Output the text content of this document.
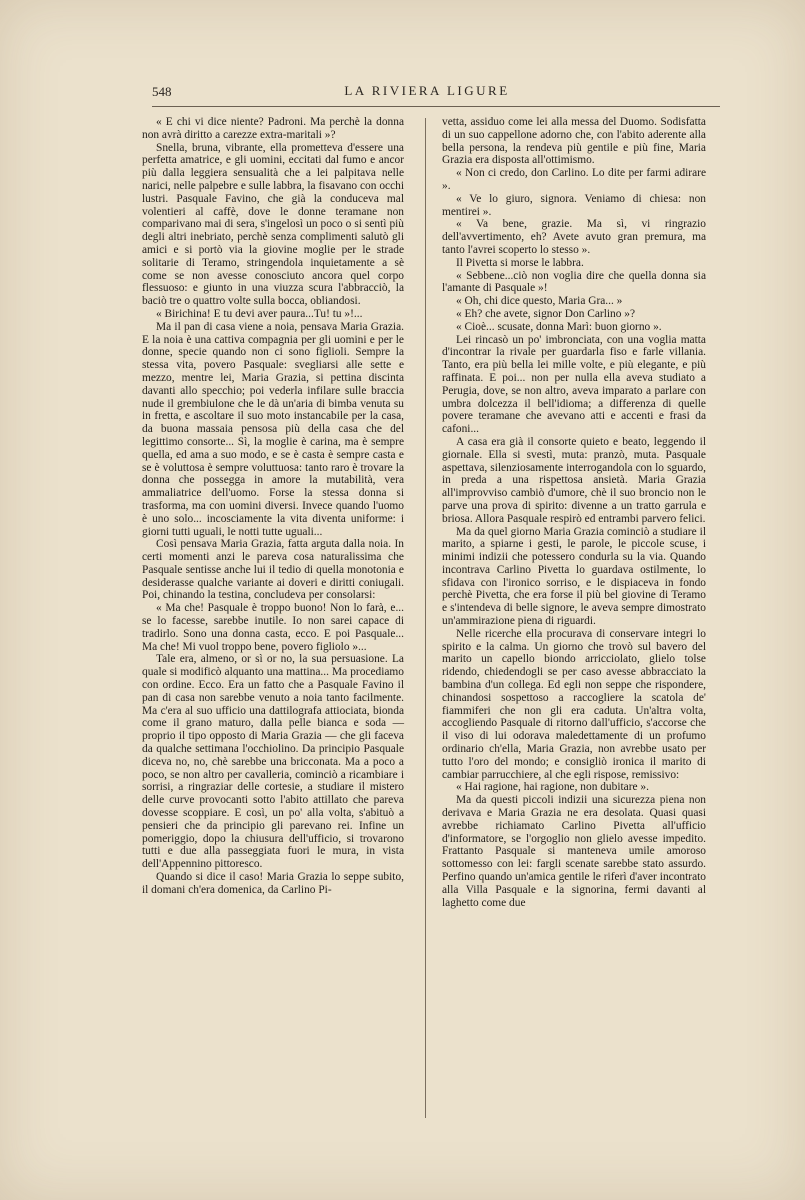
548	LA RIVIERA LIGURE

« E chi vi dice niente? Padroni. Ma perchè la donna non avrà diritto a carezze extra-maritali »?

Snella, bruna, vibrante, ella prometteva d'essere una perfetta amatrice, e gli uomini, eccitati dal fumo e ancor più dalla leggiera sensualità che a lei palpitava nelle narici, nelle palpebre e sulle labbra, la fisavano con occhi lustri. Pasquale Favino, che già la conduceva mal volentieri al caffè, dove le donne teramane non comparivano mai di sera, s'ingelosì un poco o si sentì più degli altri inebriato, perchè senza complimenti salutò gli amici e si portò via la giovine moglie per le strade solitarie di Teramo, stringendola inquietamente a sè come se non avesse conosciuto ancora quel corpo flessuoso: e giunto in una viuzza scura l'abbracciò, la baciò tre o quattro volte sulla bocca, obliandosi.

« Birichina! E tu devi aver paura...Tu! tu »!...

Ma il pan di casa viene a noia, pensava Maria Grazia. E la noia è una cattiva compagnia per gli uomini e per le donne, specie quando non ci sono figlioli. Sempre la stessa vita, povero Pasquale: svegliarsi alle sette e mezzo, mentre lei, Maria Grazia, si pettina discinta davanti allo specchio; poi vederla infilare sulle braccia nude il grembiulone che le dà un'aria di bimba venuta su in fretta, e ascoltare il suo moto instancabile per la casa, da buona massaia pensosa più della casa che del legittimo consorte... Sì, la moglie è carina, ma è sempre quella, ed ama a suo modo, e se è casta è sempre casta e se è voluttosa è sempre voluttuosa: tanto raro è trovare la donna che possegga in amore la mutabilità, vera ammaliatrice dell'uomo. Forse la stessa donna si trasforma, ma con uomini diversi. Invece quando l'uomo è uno solo... incosciamente la vita diventa uniforme: i giorni tutti uguali, le notti tutte uguali...

Così pensava Maria Grazia, fatta arguta dalla noia. In certi momenti anzi le pareva cosa naturalissima che Pasquale sentisse anche lui il tedio di quella monotonia e desiderasse qualche variante ai doveri e diritti coniugali. Poi, chinando la testina, concludeva per consolarsi:

« Ma che! Pasquale è troppo buono! Non lo farà, e... se lo facesse, sarebbe inutile. Io non sarei capace di tradirlo. Sono una donna casta, ecco. E poi Pasquale... Ma che! Mi vuol troppo bene, povero figliolo »...

Tale era, almeno, or sì or no, la sua persuasione. La quale si modificò alquanto una mattina... Ma procediamo con ordine. Ecco. Era un fatto che a Pasquale Favino il pan di casa non sarebbe venuto a noia tanto facilmente. Ma c'era al suo ufficio una dattilografa attiociata, bionda come il grano maturo, dalla pelle bianca e soda — proprio il tipo opposto di Maria Grazia — che gli faceva da qualche settimana l'occhiolino. Da principio Pasquale diceva no, no, chè sarebbe una bricconata. Ma a poco a poco, se non altro per cavalleria, cominciò a ricambiare i sorrisi, a ringraziar delle cortesie, a studiare il mistero delle curve provocanti sotto l'abito attillato che pareva dovesse scoppiare. E così, un po' alla volta, s'abituò a pensieri che da principio gli parevano rei. Infine un pomeriggio, dopo la chiusura dell'ufficio, si trovarono tutti e due alla passeggiata fuori le mura, in vista dell'Appennino pittoresco.

Quando si dice il caso! Maria Grazia lo seppe subito, il domani ch'era domenica, da Carlino Pi-

vetta, assiduo come lei alla messa del Duomo. Sodisfatta di un suo cappellone adorno che, con l'abito aderente alla bella persona, la rendeva più gentile e più fine, Maria Grazia era disposta all'ottimismo.

« Non ci credo, don Carlino. Lo dite per farmi adirare ».

« Ve lo giuro, signora. Veniamo di chiesa: non mentirei ».

« Va bene, grazie. Ma sì, vi ringrazio dell'avvertimento, eh? Avete avuto gran premura, ma tanto l'avrei scoperto lo stesso ».

Il Pivetta si morse le labbra.

« Sebbene...ciò non voglia dire che quella donna sia l'amante di Pasquale »!

« Oh, chi dice questo, Maria Gra... »

« Eh? che avete, signor Don Carlino »?

« Cioè... scusate, donna Marì: buon giorno ».

Lei rincasò un po' imbronciata, con una voglia matta d'incontrar la rivale per guardarla fiso e farle villania. Tanto, era più bella lei mille volte, e più elegante, e più raffinata. E poi... non per nulla ella aveva studiato a Perugia, dove, se non altro, aveva imparato a parlare con umbra dolcezza il bell'idioma; a differenza di quelle povere teramane che avevano atti e accenti e frasi da cafoni...

A casa era già il consorte quieto e beato, leggendo il giornale. Ella si svestì, muta: pranzò, muta. Pasquale aspettava, silenziosamente interrogandola con lo sguardo, in preda a una rispettosa ansietà. Maria Grazia all'improvviso cambiò d'umore, chè il suo broncio non le parve una prova di spirito: divenne a un tratto garrula e briosa. Allora Pasquale respirò ed entrambi parvero felici.

Ma da quel giorno Maria Grazia cominciò a studiare il marito, a spiarne i gesti, le parole, le piccole scuse, i minimi indizii che potessero condurla su la via. Quando incontrava Carlino Pivetta lo guardava ostilmente, lo sfidava con l'ironico sorriso, e le dispiaceva in fondo perchè Pivetta, che era forse il più bel giovine di Teramo e s'intendeva di belle signore, le aveva sempre dimostrato un'ammirazione piena di riguardi.

Nelle ricerche ella procurava di conservare integri lo spirito e la calma. Un giorno che trovò sul bavero del marito un capello biondo arricciolato, glielo tolse ridendo, chiedendogli se per caso avesse abbracciato la bambina d'un collega. Ed egli non seppe che rispondere, chinandosi sospettoso a raccogliere la scatola de' fiammiferi che non gli era caduta. Un'altra volta, accogliendo Pasquale di ritorno dall'ufficio, s'accorse che il viso di lui odorava maledettamente di un profumo ordinario ch'ella, Maria Grazia, non avrebbe usato per tutto l'oro del mondo; e consigliò ironica il marito di cambiar parrucchiere, al che egli rispose, remissivo:

« Hai ragione, hai ragione, non dubitare ».

Ma da questi piccoli indizii una sicurezza piena non derivava e Maria Grazia ne era desolata. Quasi quasi avrebbe richiamato Carlino Pivetta all'ufficio d'informatore, se l'orgoglio non glielo avesse impedito. Frattanto Pasquale si manteneva umile amoroso sottomesso con lei: fargli scenate sarebbe stato assurdo. Perfino quando un'amica gentile le riferì d'aver incontrato alla Villa Pasquale e la signorina, fermi davanti al laghetto come due
